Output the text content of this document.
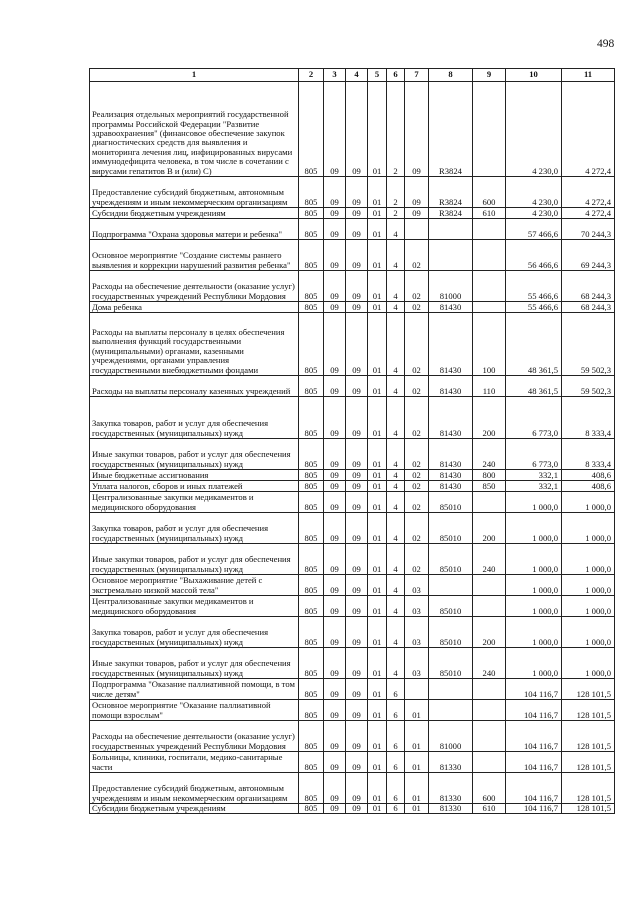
498
1	2	3	4	5	6	7	8	9	10	11
Реализация отдельных мероприятий государственной программы Российской Федерации "Развитие здравоохранения" (финансовое обеспечение закупок диагностических средств для выявления и мониторинга лечения лиц, инфицированных вирусами иммунодефицита человека, в том числе в сочетании с вирусами гепатитов B и (или) C)	805	09	09	01	2	09	R3824		4 230,0	4 272,4
Предоставление субсидий бюджетным, автономным учреждениям и иным некоммерческим организациям	805	09	09	01	2	09	R3824	600	4 230,0	4 272,4
Субсидии бюджетным учреждениям	805	09	09	01	2	09	R3824	610	4 230,0	4 272,4
Подпрограмма "Охрана здоровья матери и ребенка"	805	09	09	01	4				57 466,6	70 244,3
Основное мероприятие "Создание системы раннего выявления и коррекции нарушений развития ребенка"	805	09	09	01	4	02			56 466,6	69 244,3
Расходы на обеспечение деятельности (оказание услуг) государственных учреждений Республики Мордовия	805	09	09	01	4	02	81000		55 466,6	68 244,3
Дома ребенка	805	09	09	01	4	02	81430		55 466,6	68 244,3
Расходы на выплаты персоналу в целях обеспечения выполнения функций государственными (муниципальными) органами, казенными учреждениями, органами управления государственными внебюджетными фондами	805	09	09	01	4	02	81430	100	48 361,5	59 502,3
Расходы на выплаты персоналу казенных учреждений	805	09	09	01	4	02	81430	110	48 361,5	59 502,3
Закупка товаров, работ и услуг для обеспечения государственных (муниципальных) нужд	805	09	09	01	4	02	81430	200	6 773,0	8 333,4
Иные закупки товаров, работ и услуг для обеспечения государственных (муниципальных) нужд	805	09	09	01	4	02	81430	240	6 773,0	8 333,4
Иные бюджетные ассигнования	805	09	09	01	4	02	81430	800	332,1	408,6
Уплата налогов, сборов и иных платежей	805	09	09	01	4	02	81430	850	332,1	408,6
Централизованные закупки медикаментов и медицинского оборудования	805	09	09	01	4	02	85010		1 000,0	1 000,0
Закупка товаров, работ и услуг для обеспечения государственных (муниципальных) нужд	805	09	09	01	4	02	85010	200	1 000,0	1 000,0
Иные закупки товаров, работ и услуг для обеспечения государственных (муниципальных) нужд	805	09	09	01	4	02	85010	240	1 000,0	1 000,0
Основное мероприятие "Выхаживание детей с экстремально низкой массой тела"	805	09	09	01	4	03			1 000,0	1 000,0
Централизованные закупки медикаментов и медицинского оборудования	805	09	09	01	4	03	85010		1 000,0	1 000,0
Закупка товаров, работ и услуг для обеспечения государственных (муниципальных) нужд	805	09	09	01	4	03	85010	200	1 000,0	1 000,0
Иные закупки товаров, работ и услуг для обеспечения государственных (муниципальных) нужд	805	09	09	01	4	03	85010	240	1 000,0	1 000,0
Подпрограмма "Оказание паллиативной помощи, в том числе детям"	805	09	09	01	6				104 116,7	128 101,5
Основное мероприятие "Оказание паллиативной помощи взрослым"	805	09	09	01	6	01			104 116,7	128 101,5
Расходы на обеспечение деятельности (оказание услуг) государственных учреждений Республики Мордовия	805	09	09	01	6	01	81000		104 116,7	128 101,5
Больницы, клиники, госпитали, медико-санитарные части	805	09	09	01	6	01	81330		104 116,7	128 101,5
Предоставление субсидий бюджетным, автономным учреждениям и иным некоммерческим организациям	805	09	09	01	6	01	81330	600	104 116,7	128 101,5
Субсидии бюджетным учреждениям	805	09	09	01	6	01	81330	610	104 116,7	128 101,5
